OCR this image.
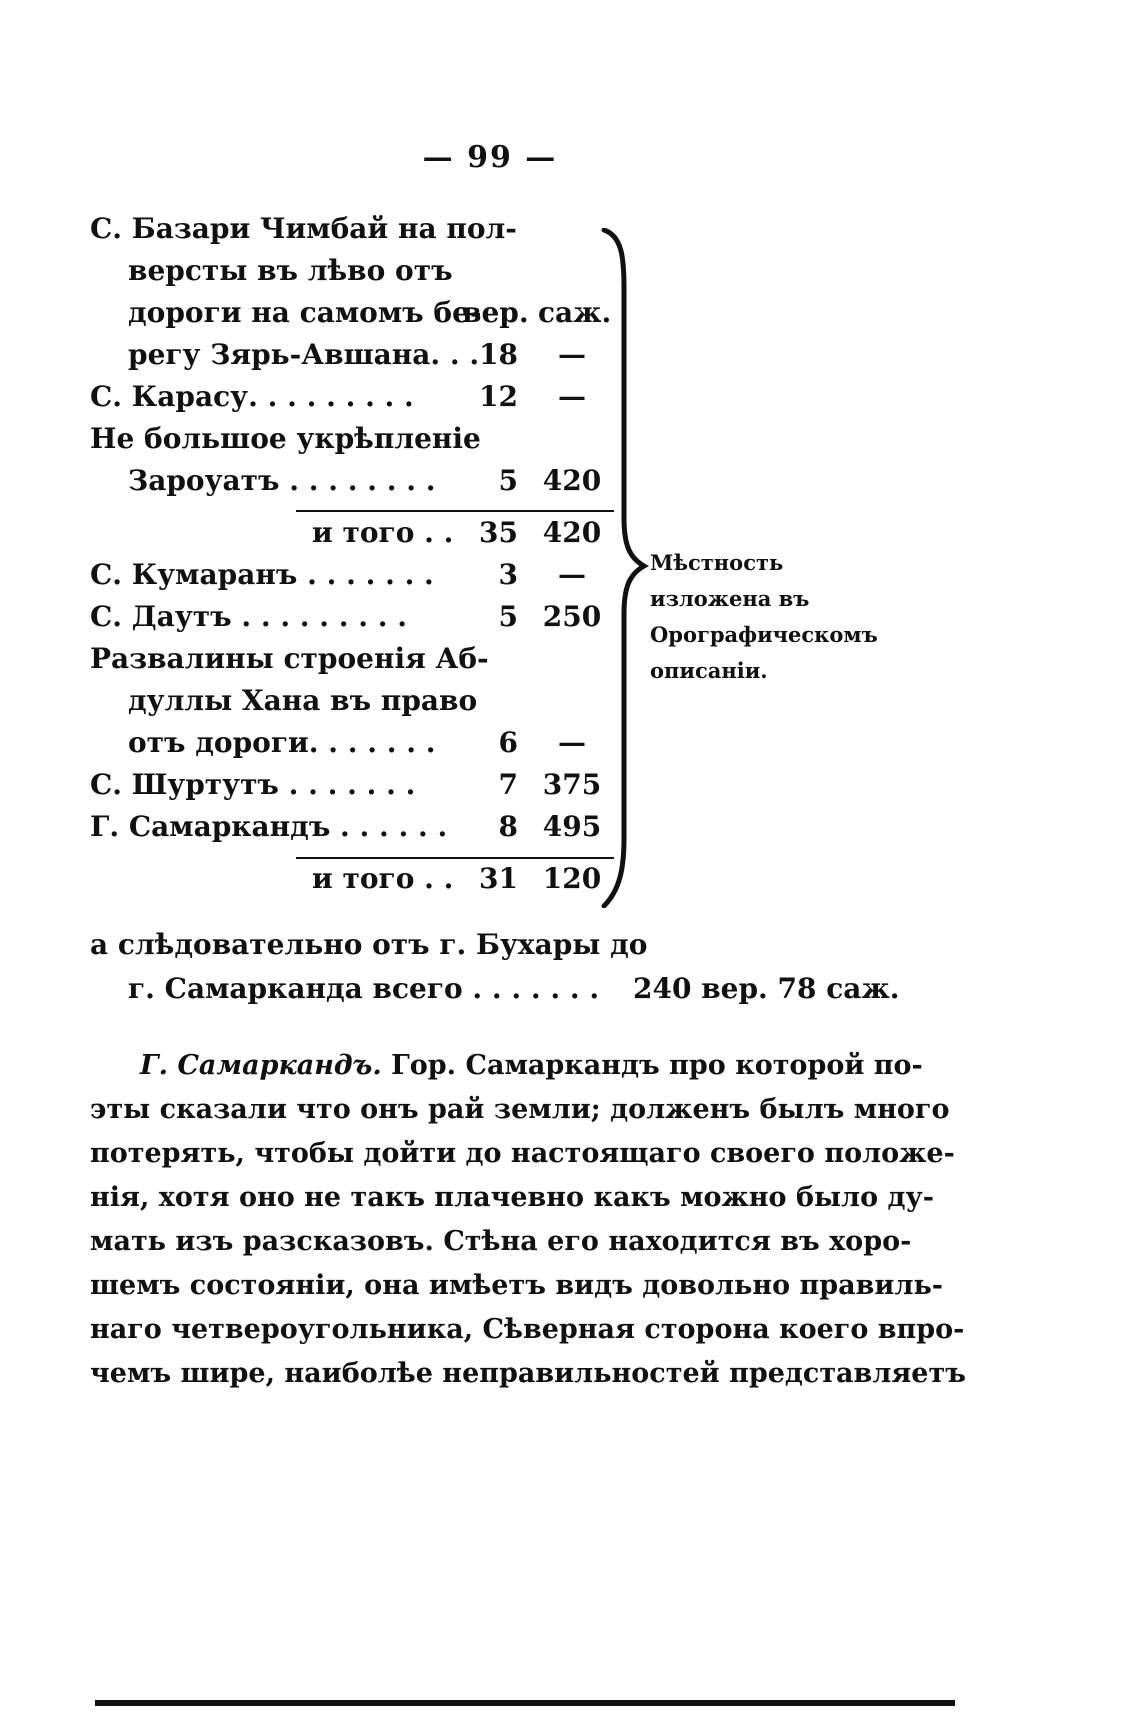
— 99 —
С. Базари Чимбай на пол-
версты въ лѣво отъ
дороги на самомъ бе-
вер. саж.
регу Зярь-Авшана. . . 18	—
С. Карасу. . . . . . . . .	12	—
Не большое укрѣпленіе
Зароуатъ . . . . . . . .	5 420
и того . . 35 420
С. Кумаранъ . . . . . . .	3	—
С. Даутъ . . . . . . . . .	5 250
Развалины строенія Аб-
дуллы Хана въ право
отъ дороги. . . . . . .	6	—
С. Шуртутъ . . . . . . .	7 375
Г. Самаркандъ . . . . . .	8 495
и того . . 31 120
Мѣстность изложена въ Орографическомъ описаніи.
а слѣдовательно отъ г. Бухары до
г. Самарканда всего . . . . . . . 240 вер. 78 саж.
Г. Самаркандъ. Гор. Самаркандъ про которой по-
эты сказали что онъ рай земли; долженъ былъ много
потерять, чтобы дойти до настоящаго своего положе-
нія, хотя оно не такъ плачевно какъ можно было ду-
мать изъ разсказовъ. Стѣна его находится въ хоро-
шемъ состояніи, она имѣетъ видъ довольно правиль-
наго четвероугольника, Сѣверная сторона коего впро-
чемъ шире, наиболѣе неправильностей представляетъ
